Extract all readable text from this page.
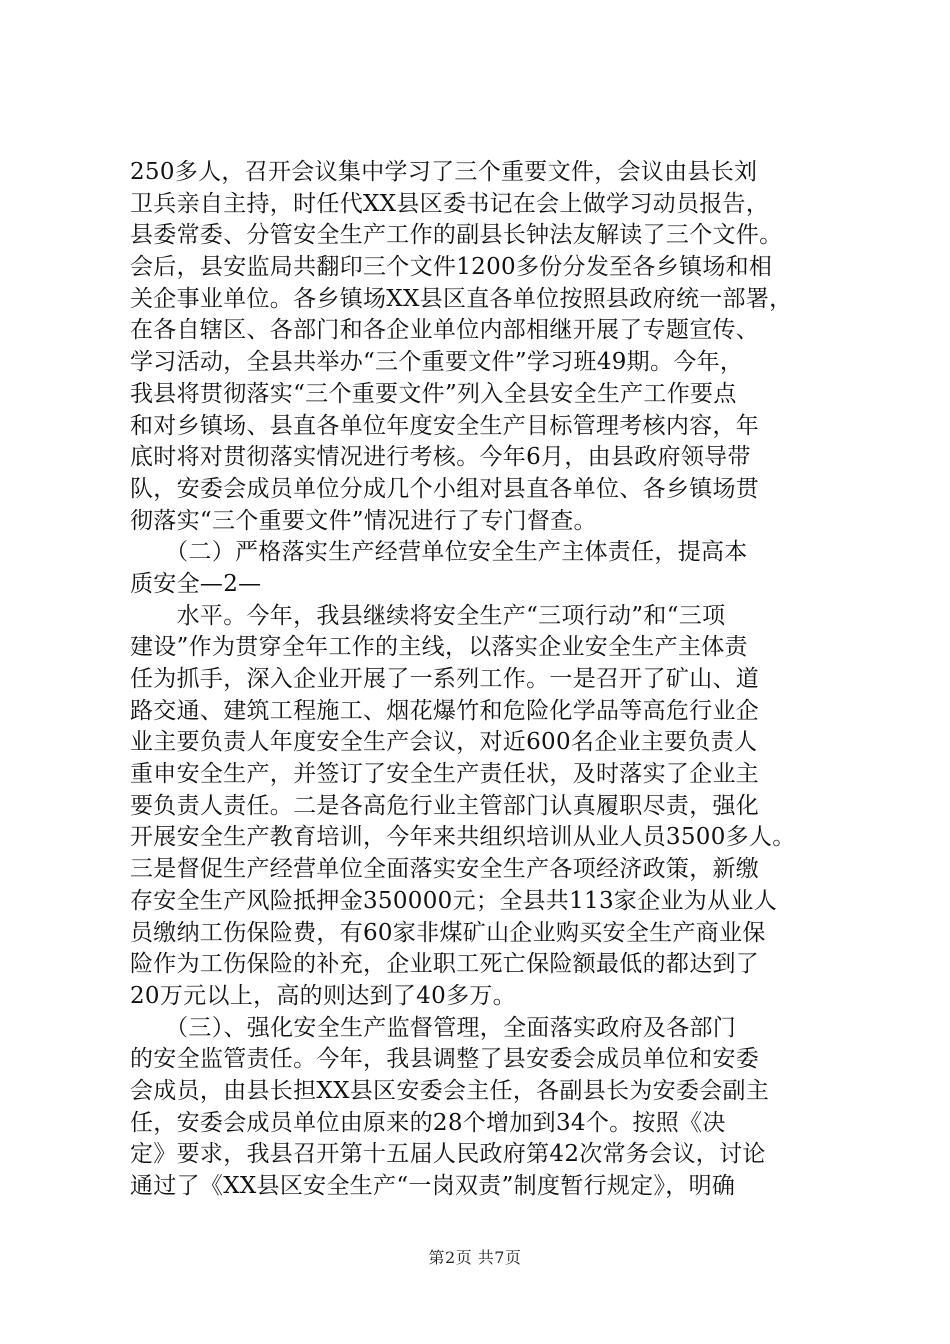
250多人，召开会议集中学习了三个重要文件，会议由县长刘
卫兵亲自主持，时任代XX县区委书记在会上做学习动员报告，
县委常委、分管安全生产工作的副县长钟法友解读了三个文件。
会后，县安监局共翻印三个文件1200多份分发至各乡镇场和相
关企事业单位。各乡镇场XX县区直各单位按照县政府统一部署，
在各自辖区、各部门和各企业单位内部相继开展了专题宣传、
学习活动，全县共举办“三个重要文件”学习班49期。今年，
我县将贯彻落实“三个重要文件”列入全县安全生产工作要点
和对乡镇场、县直各单位年度安全生产目标管理考核内容，年
底时将对贯彻落实情况进行考核。今年6月，由县政府领导带
队，安委会成员单位分成几个小组对县直各单位、各乡镇场贯
彻落实“三个重要文件”情况进行了专门督查。
　　（二）严格落实生产经营单位安全生产主体责任，提高本
质安全—2—
　　水平。今年，我县继续将安全生产“三项行动”和“三项
建设”作为贯穿全年工作的主线，以落实企业安全生产主体责
任为抓手，深入企业开展了一系列工作。一是召开了矿山、道
路交通、建筑工程施工、烟花爆竹和危险化学品等高危行业企
业主要负责人年度安全生产会议，对近600名企业主要负责人
重申安全生产，并签订了安全生产责任状，及时落实了企业主
要负责人责任。二是各高危行业主管部门认真履职尽责，强化
开展安全生产教育培训，今年来共组织培训从业人员3500多人。
三是督促生产经营单位全面落实安全生产各项经济政策，新缴
存安全生产风险抵押金350000元；全县共113家企业为从业人
员缴纳工伤保险费，有60家非煤矿山企业购买安全生产商业保
险作为工伤保险的补充，企业职工死亡保险额最低的都达到了
20万元以上，高的则达到了40多万。
　　（三）、强化安全生产监督管理，全面落实政府及各部门
的安全监管责任。今年，我县调整了县安委会成员单位和安委
会成员，由县长担XX县区安委会主任，各副县长为安委会副主
任，安委会成员单位由原来的28个增加到34个。按照《决
定》要求，我县召开第十五届人民政府第42次常务会议，讨论
通过了《XX县区安全生产“一岗双责”制度暂行规定》，明确
第2页 共7页
